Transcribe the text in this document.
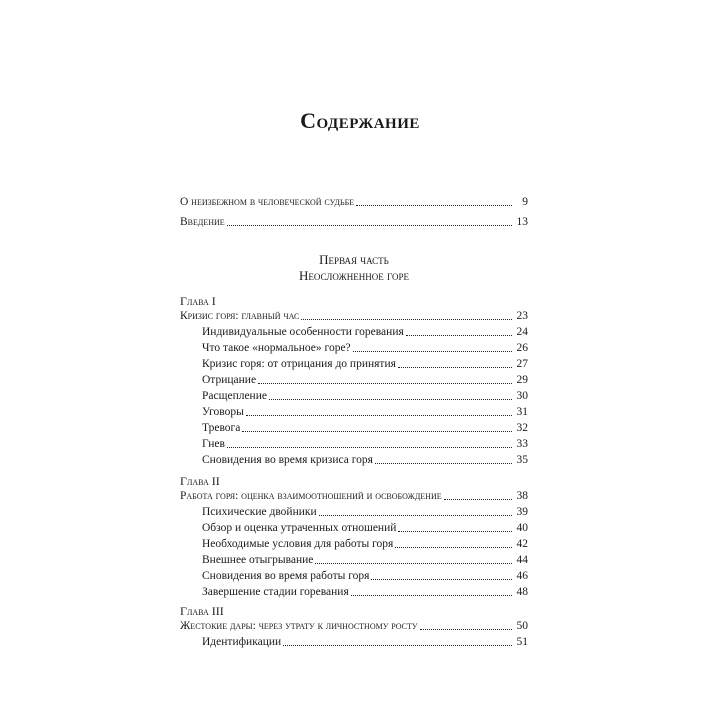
Содержание
О неизбежном в человеческой судьбе	9
Введение	13
Первая часть
Неосложненное горе
Глава I
Кризис горя: главный час	23
Индивидуальные особенности горевания	24
Что такое «нормальное» горе?	26
Кризис горя: от отрицания до принятия	27
Отрицание	29
Расщепление	30
Уговоры	31
Тревога	32
Гнев	33
Сновидения во время кризиса горя	35
Глава II
Работа горя: оценка взаимоотношений и освобождение	38
Психические двойники	39
Обзор и оценка утраченных отношений	40
Необходимые условия для работы горя	42
Внешнее отыгрывание	44
Сновидения во время работы горя	46
Завершение стадии горевания	48
Глава III
Жестокие дары: через утрату к личностному росту	50
Идентификации	51
